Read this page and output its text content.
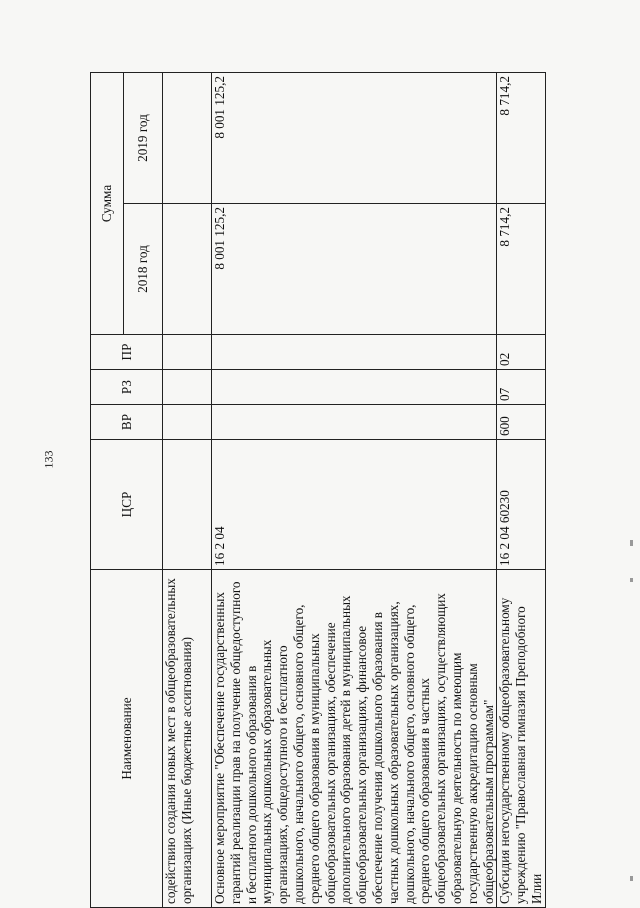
133
Наименование	ЦСР	ВР	РЗ	ПР	Сумма	
					2018 год	2019 год
содействию создания новых мест в общеобразовательных организациях (Иные бюджетные ассигнования)						
Основное мероприятие "Обеспечение государственных гарантий реализации прав на получение общедоступного и бесплатного дошкольного образования в муниципальных дошкольных образовательных организациях, общедоступного и бесплатного дошкольного, начального общего, основного общего, среднего общего образования в муниципальных общеобразовательных организациях, обеспечение дополнительного образования детей в муниципальных общеобразовательных организациях, финансовое обеспечение получения дошкольного образования в частных дошкольных образовательных организациях, дошкольного, начального общего, основного общего, среднего общего образования в частных общеобразовательных организациях, осуществляющих образовательную деятельность по имеющим государственную аккредитацию основным общеобразовательным программам"	16 2 04				8 001 125,2	8 001 125,2
Субсидия негосударственному общеобразовательному учреждению "Православная гимназия Преподобного Илии	16 2 04 60230	600	07	02	8 714,2	8 714,2
